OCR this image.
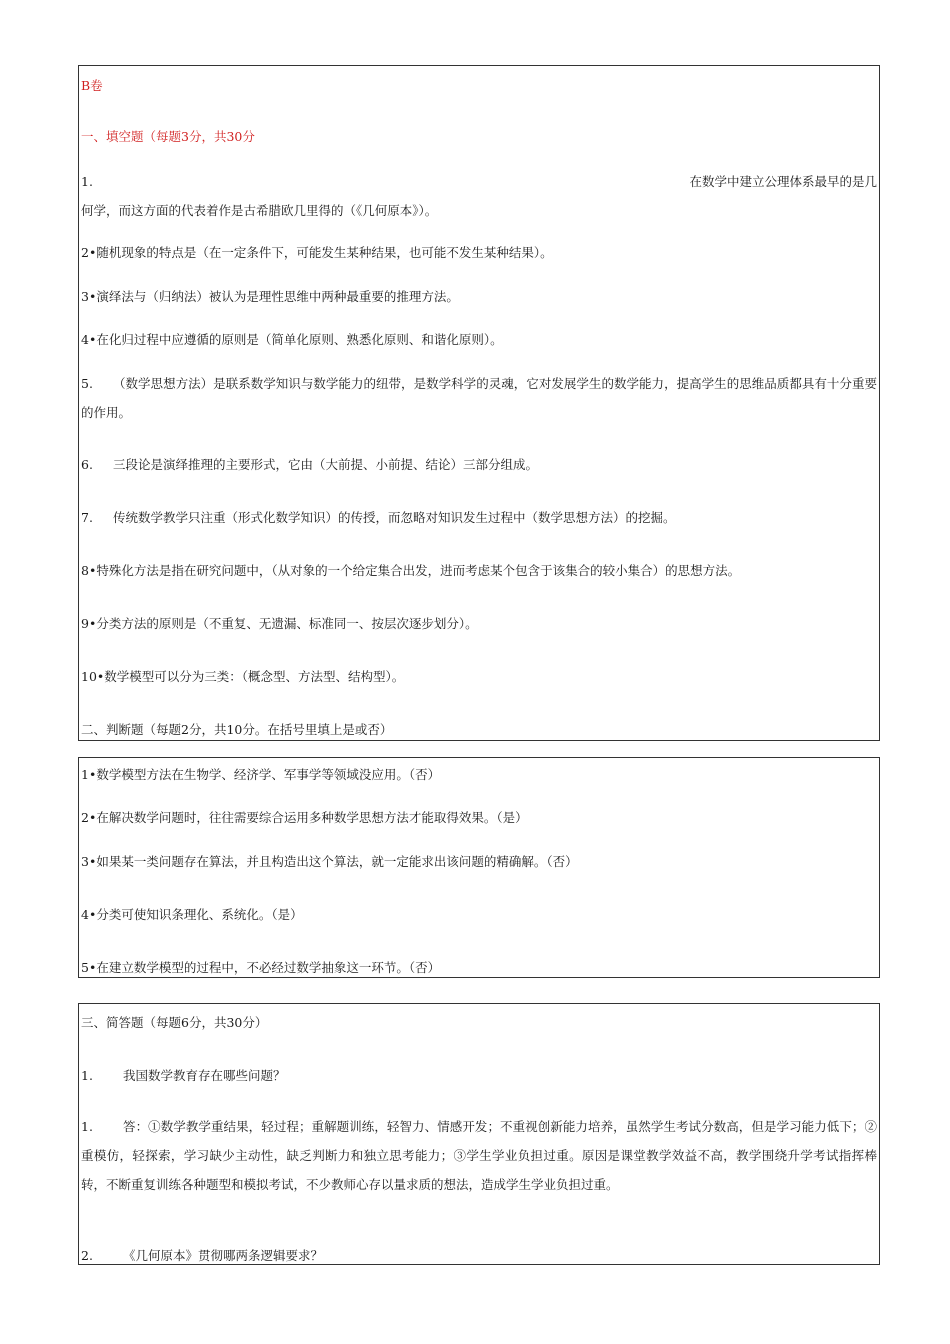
B卷
一、填空题（每题3分，共30分
1.	在数学中建立公理体系最早的是几
何学，而这方面的代表着作是古希腊欧几里得的（《几何原本》）。
2•随机现象的特点是（在一定条件下，可能发生某种结果，也可能不发生某种结果）。
3•演绎法与（归纳法）被认为是理性思维中两种最重要的推理方法。
4•在化归过程中应遵循的原则是（简单化原则、熟悉化原则、和谐化原则）。
5. （数学思想方法）是联系数学知识与数学能力的纽带，是数学科学的灵魂，它对发展学生的数学能力，提高学生的思维品质都具有十分重要的作用。
6. 三段论是演绎推理的主要形式，它由（大前提、小前提、结论）三部分组成。
7. 传统数学教学只注重（形式化数学知识）的传授，而忽略对知识发生过程中（数学思想方法）的挖掘。
8•特殊化方法是指在研究问题中，（从对象的一个给定集合出发，进而考虑某个包含于该集合的较小集合）的思想方法。
9•分类方法的原则是（不重复、无遗漏、标准同一、按层次逐步划分）。
10•数学模型可以分为三类：（概念型、方法型、结构型）。
二、判断题（每题2分，共10分。在括号里填上是或否）
1•数学模型方法在生物学、经济学、军事学等领域没应用。（否）
2•在解决数学问题时，往往需要综合运用多种数学思想方法才能取得效果。（是）
3•如果某一类问题存在算法，并且构造出这个算法，就一定能求出该问题的精确解。（否）
4•分类可使知识条理化、系统化。（是）
5•在建立数学模型的过程中，不必经过数学抽象这一环节。（否）
三、简答题（每题6分，共30分）
1. 我国数学教育存在哪些问题？
1. 答：①数学教学重结果，轻过程；重解题训练，轻智力、情感开发；不重视创新能力培养，虽然学生考试分数高，但是学习能力低下；②重模仿，轻探索，学习缺少主动性，缺乏判断力和独立思考能力；③学生学业负担过重。原因是课堂教学效益不高，教学围绕升学考试指挥棒转，不断重复训练各种题型和模拟考试，不少教师心存以量求质的想法，造成学生学业负担过重。
2. 《几何原本》贯彻哪两条逻辑要求？
